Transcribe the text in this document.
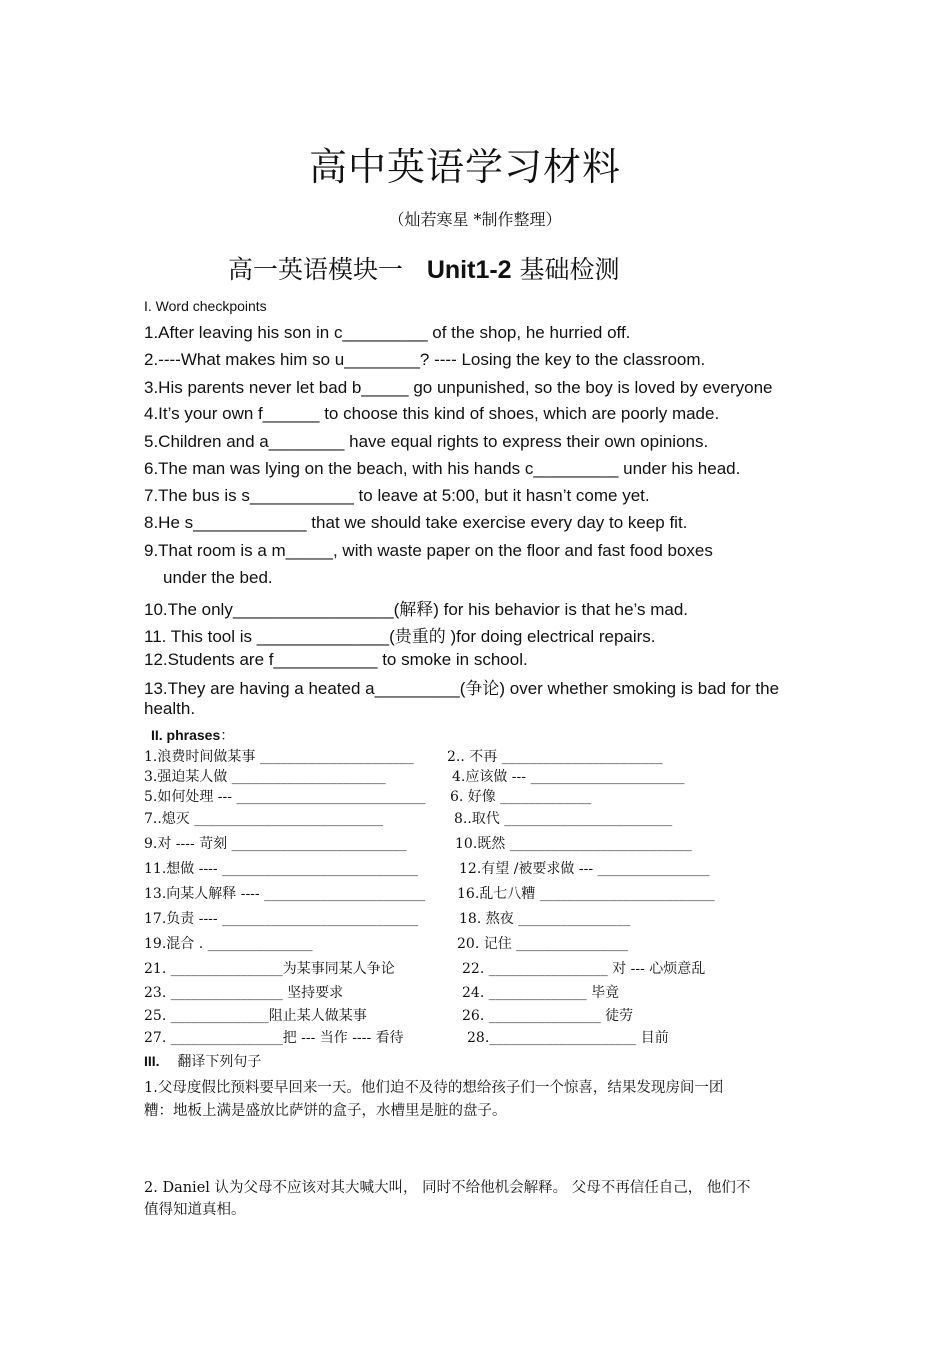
高中英语学习材料
（灿若寒星 *制作整理）
高一英语模块一 Unit1-2 基础检测
I. Word checkpoints
1.After leaving his son in c_________ of the shop, he hurried off.
2.----What makes him so u________? ---- Losing the key to the classroom.
3.His parents never let bad b_____ go unpunished, so the boy is loved by everyone
4.It’s your own f______ to choose this kind of shoes, which are poorly made.
5.Children and a________ have equal rights to express their own opinions.
6.The man was lying on the beach, with his hands c_________ under his head.
7.The bus is s___________ to leave at 5:00, but it hasn’t come yet.
8.He s____________ that we should take exercise every day to keep fit.
9.That room is a m_____, with waste paper on the floor and fast food boxes
under the bed.
10.The only_________________(解释) for his behavior is that he’s mad.
11. This tool is ______________(贵重的 )for doing electrical repairs.
12.Students are f___________ to smoke in school.
13.They are having a heated a_________(争论) over whether smoking is bad for the
health.
II. phrases：
1.浪费时间做某事 ______________________
3.强迫某人做 ______________________
5.如何处理 --- ___________________________
7..熄灭 ___________________________
9.对 ---- 苛刻 _________________________
11.想做 ---- ____________________________
13.向某人解释 ---- _______________________
17.负责 ---- ____________________________
19.混合 . _______________
21. ________________为某事同某人争论
23. ________________ 坚持要求
25. ______________阻止某人做某事
27. ________________把 --- 当作 ---- 看待
2.. 不再 _______________________
4.应该做 --- ______________________
6. 好像 _____________
8..取代 ________________________
10.既然 __________________________
12.有望 /被要求做 --- ________________
16.乱七八糟 _________________________
18. 熬夜 ________________
20. 记住 ________________
22. _________________ 对 --- 心烦意乱
24. ______________ 毕竟
26. ________________ 徒劳
28._____________________ 目前
III. 翻译下列句子
1.父母度假比预料要早回来一天。他们迫不及待的想给孩子们一个惊喜，结果发现房间一团
糟：地板上满是盛放比萨饼的盒子，水槽里是脏的盘子。
2. Daniel 认为父母不应该对其大喊大叫， 同时不给他机会解释。 父母不再信任自己， 他们不
值得知道真相。
